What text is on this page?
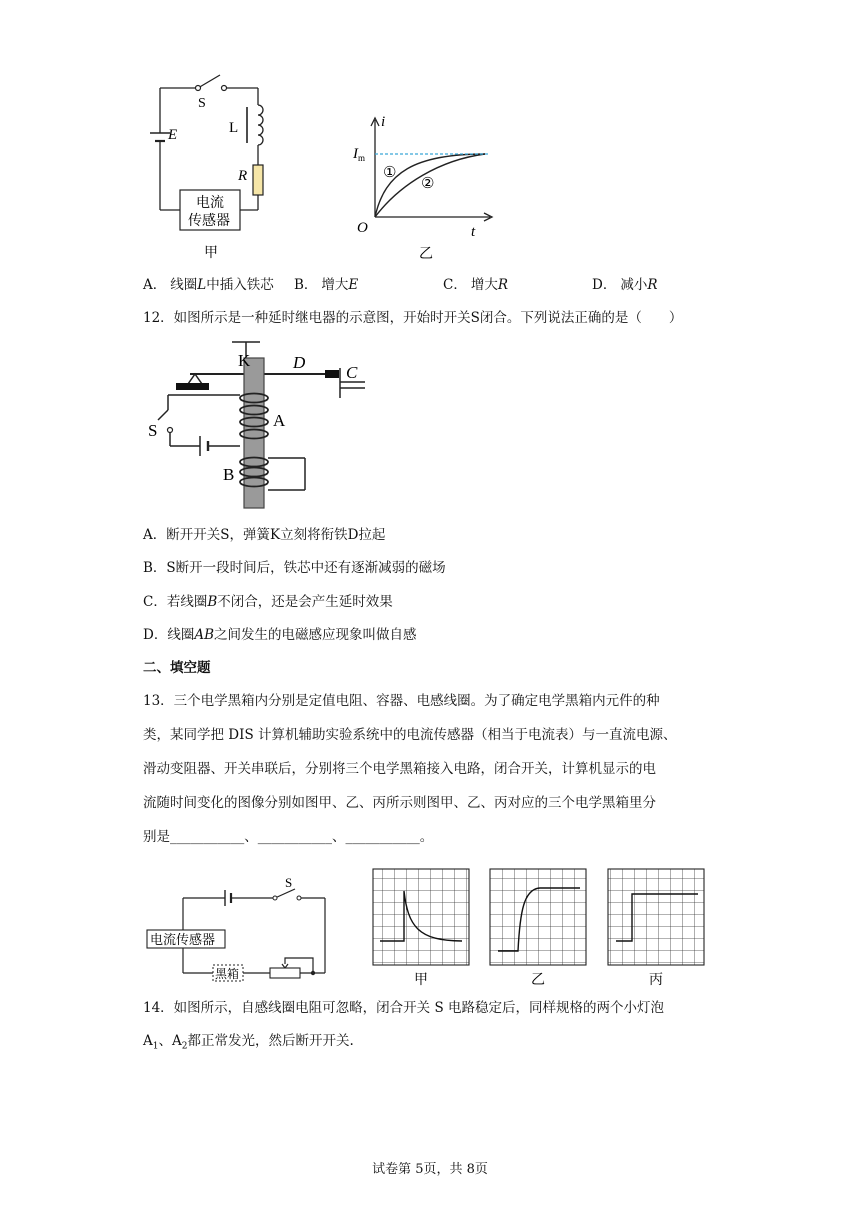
S
E	L
R
电流
传感器
甲
i
t
O
$I_m$
①
②
乙
A． 线圈L中插入铁芯 B． 增大E	C． 增大R	D． 减小R
12．如图所示是一种延时继电器的示意图，开始时开关S闭合。下列说法正确的是（　　）
K	D
C
S
A
B
A．断开开关S，弹簧K立刻将衔铁D拉起
B．S断开一段时间后，铁芯中还有逐渐减弱的磁场
C．若线圈B不闭合，还是会产生延时效果
D．线圈AB之间发生的电磁感应现象叫做自感
二、填空题
13．三个电学黑箱内分别是定值电阻、容器、电感线圈。为了确定电学黑箱内元件的种
类，某同学把 DIS 计算机辅助实验系统中的电流传感器（相当于电流表）与一直流电源、
滑动变阻器、开关串联后，分别将三个电学黑箱接入电路，闭合开关，计算机显示的电
流随时间变化的图像分别如图甲、乙、丙所示则图甲、乙、丙对应的三个电学黑箱里分
别是___________、___________、___________。
S
电流传感器
黑箱	甲	乙	丙
14．如图所示，自感线圈电阻可忽略，闭合开关 S 电路稳定后，同样规格的两个小灯泡
$A_1$、$A_2$都正常发光，然后断开开关.
试卷第 5页，共 8页
